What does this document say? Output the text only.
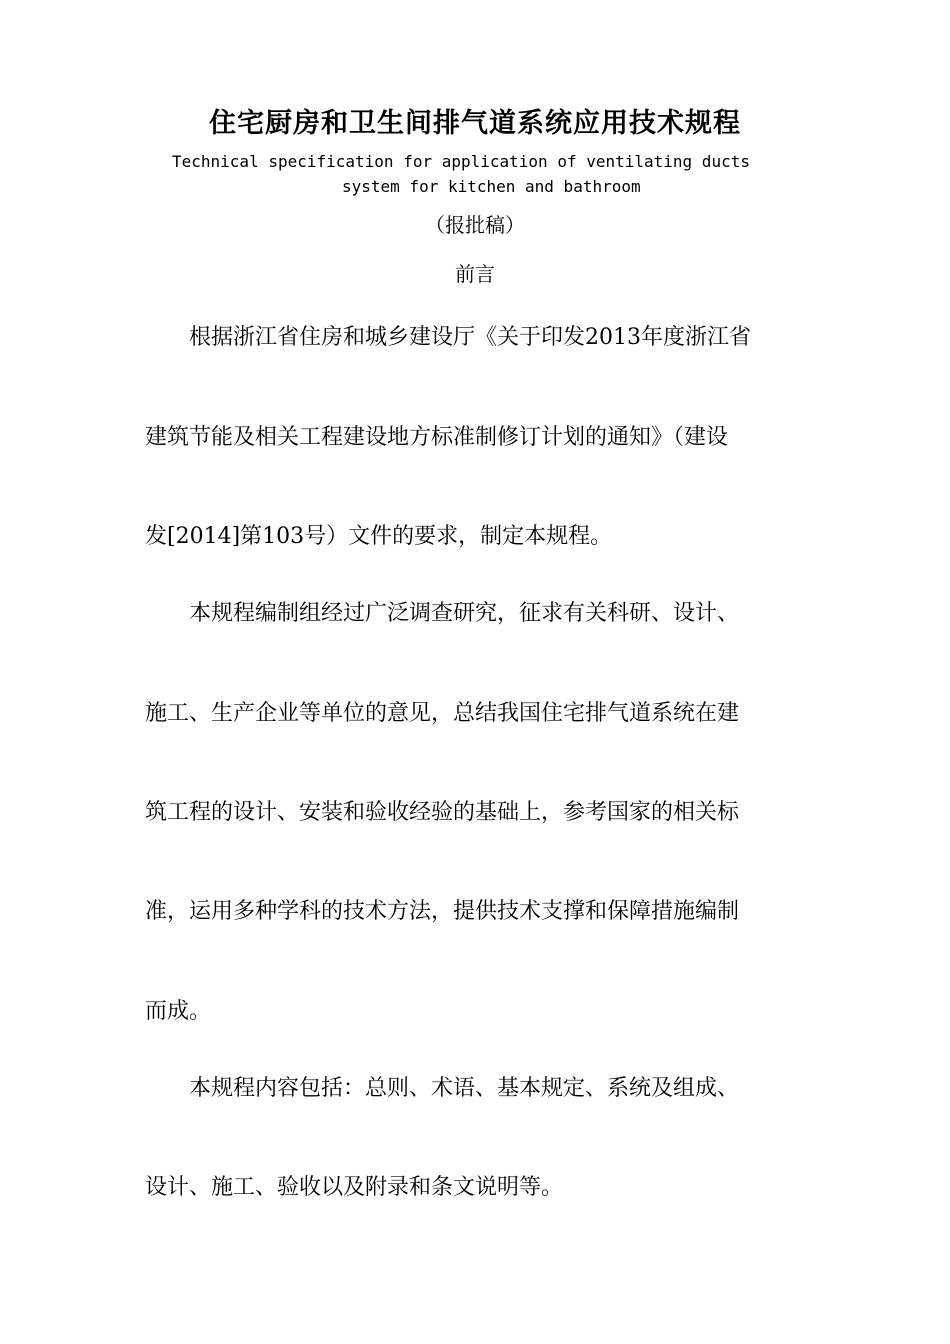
住宅厨房和卫生间排气道系统应用技术规程
Technical specification for application of ventilating ducts
system for kitchen and bathroom
（报批稿）
前言
　　根据浙江省住房和城乡建设厅《关于印发2013年度浙江省
建筑节能及相关工程建设地方标准制修订计划的通知》（建设
发[2014]第103号）文件的要求，制定本规程。
　　本规程编制组经过广泛调查研究，征求有关科研、设计、
施工、生产企业等单位的意见，总结我国住宅排气道系统在建
筑工程的设计、安装和验收经验的基础上，参考国家的相关标
准，运用多种学科的技术方法，提供技术支撑和保障措施编制
而成。
　　本规程内容包括：总则、术语、基本规定、系统及组成、
设计、施工、验收以及附录和条文说明等。
